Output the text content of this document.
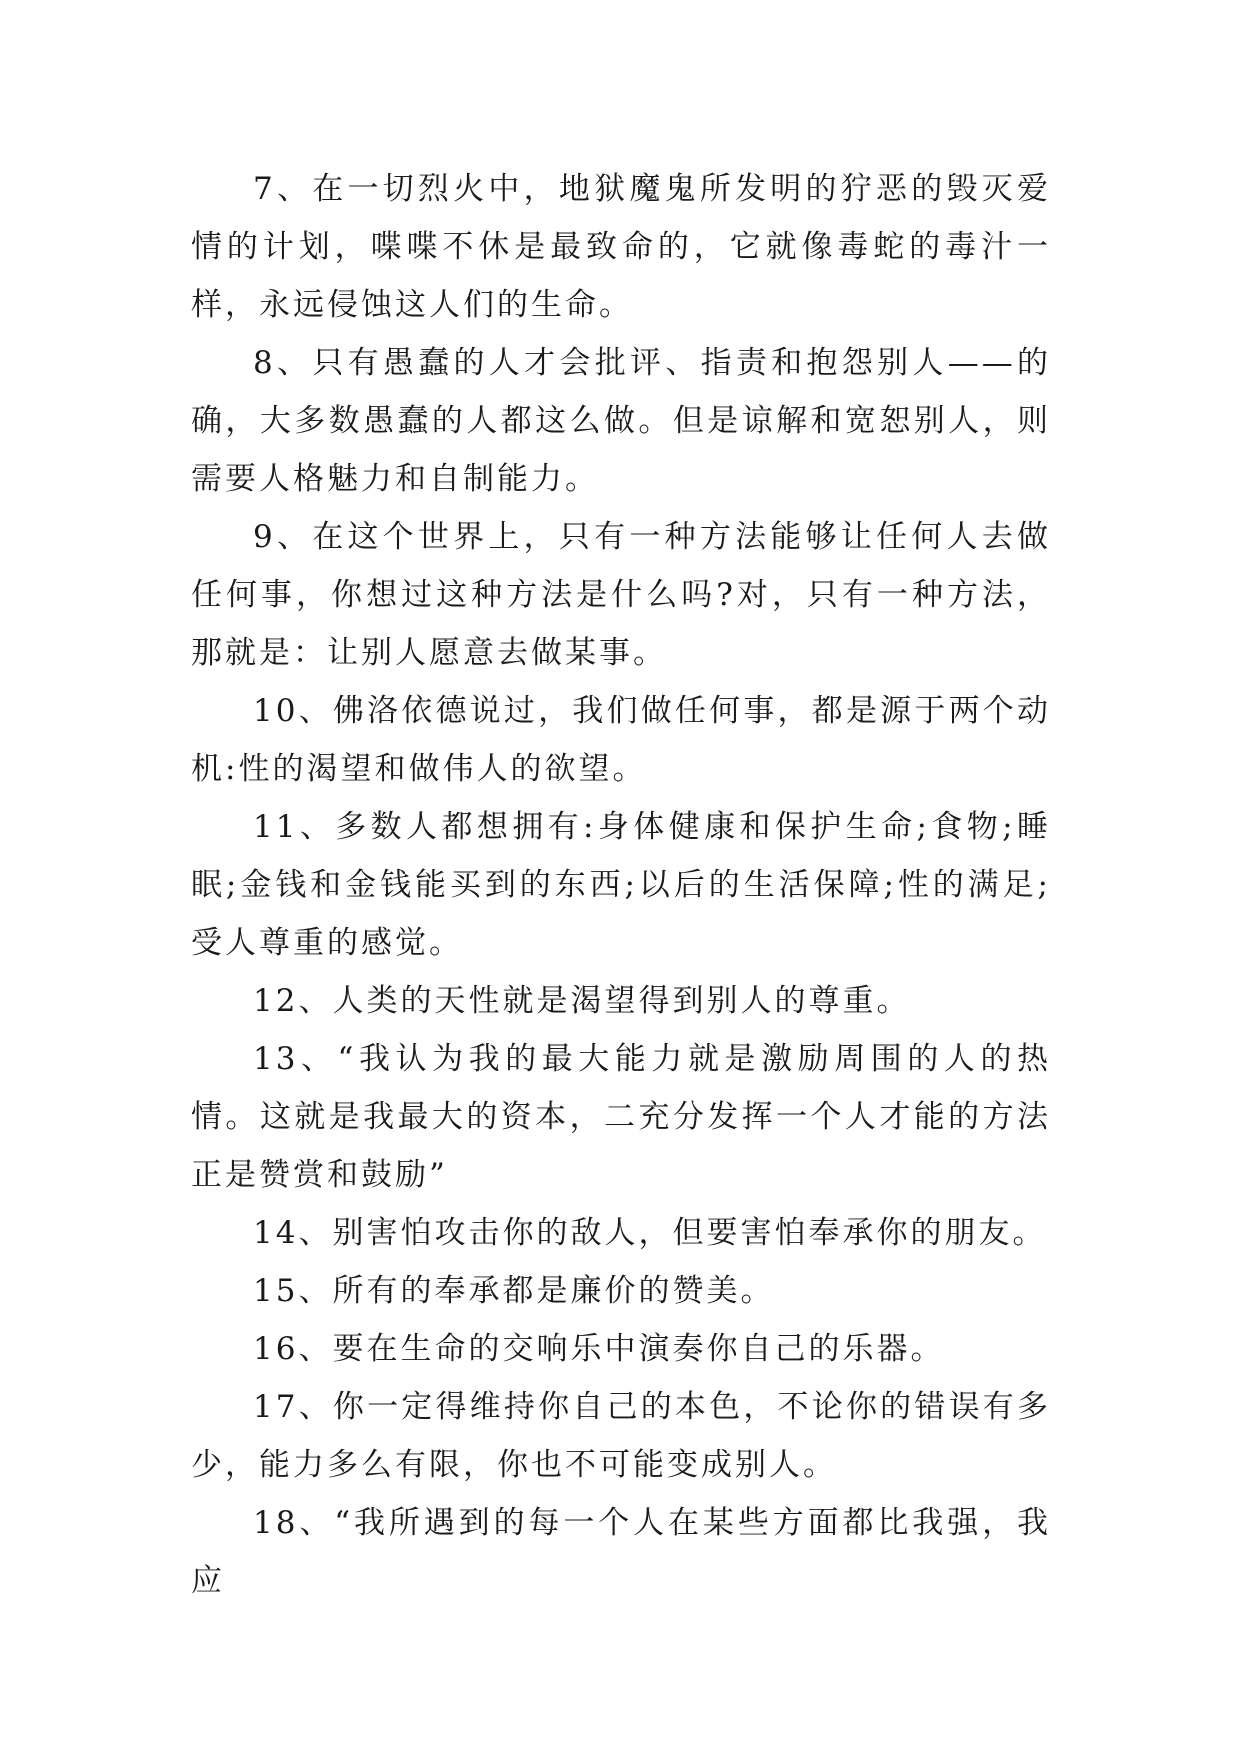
7、在一切烈火中，地狱魔鬼所发明的狞恶的毁灭爱情的计划，喋喋不休是最致命的，它就像毒蛇的毒汁一样，永远侵蚀这人们的生命。

8、只有愚蠢的人才会批评、指责和抱怨别人——的确，大多数愚蠢的人都这么做。但是谅解和宽恕别人，则需要人格魅力和自制能力。

9、在这个世界上，只有一种方法能够让任何人去做任何事，你想过这种方法是什么吗?对，只有一种方法，那就是：让别人愿意去做某事。

10、佛洛依德说过，我们做任何事，都是源于两个动机:性的渴望和做伟人的欲望。

11、多数人都想拥有:身体健康和保护生命;食物;睡眠;金钱和金钱能买到的东西;以后的生活保障;性的满足;受人尊重的感觉。

12、人类的天性就是渴望得到别人的尊重。

13、“我认为我的最大能力就是激励周围的人的热情。这就是我最大的资本，二充分发挥一个人才能的方法正是赞赏和鼓励”

14、别害怕攻击你的敌人，但要害怕奉承你的朋友。

15、所有的奉承都是廉价的赞美。

16、要在生命的交响乐中演奏你自己的乐器。

17、你一定得维持你自己的本色，不论你的错误有多少，能力多么有限，你也不可能变成别人。

18、“我所遇到的每一个人在某些方面都比我强，我应
